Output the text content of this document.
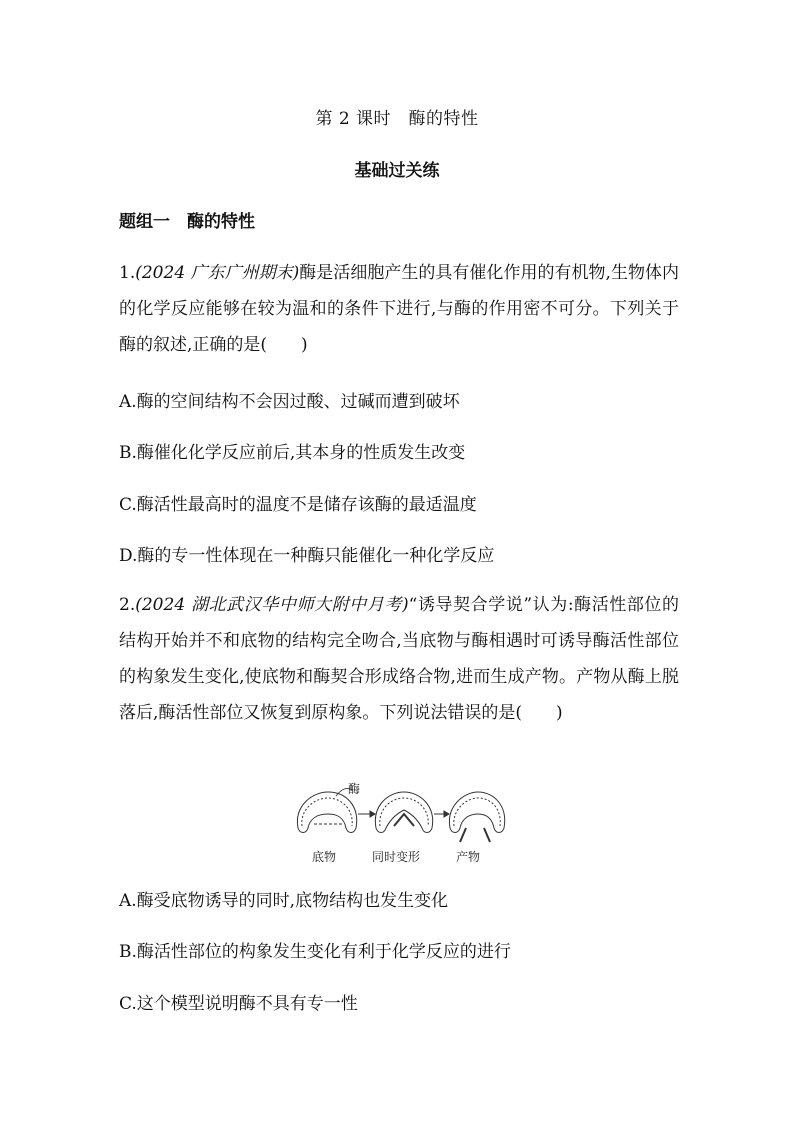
第 2 课时　酶的特性
基础过关练
题组一　酶的特性
1.(2024 广东广州期末)酶是活细胞产生的具有催化作用的有机物,生物体内的化学反应能够在较为温和的条件下进行,与酶的作用密不可分。下列关于酶的叙述,正确的是(　　)
A.酶的空间结构不会因过酸、过碱而遭到破坏
B.酶催化化学反应前后,其本身的性质发生改变
C.酶活性最高时的温度不是储存该酶的最适温度
D.酶的专一性体现在一种酶只能催化一种化学反应
2.(2024 湖北武汉华中师大附中月考)“诱导契合学说”认为:酶活性部位的结构开始并不和底物的结构完全吻合,当底物与酶相遇时可诱导酶活性部位的构象发生变化,使底物和酶契合形成络合物,进而生成产物。产物从酶上脱落后,酶活性部位又恢复到原构象。下列说法错误的是(　　)
酶
底物	同时变形	产物
A.酶受底物诱导的同时,底物结构也发生变化
B.酶活性部位的构象发生变化有利于化学反应的进行
C.这个模型说明酶不具有专一性
